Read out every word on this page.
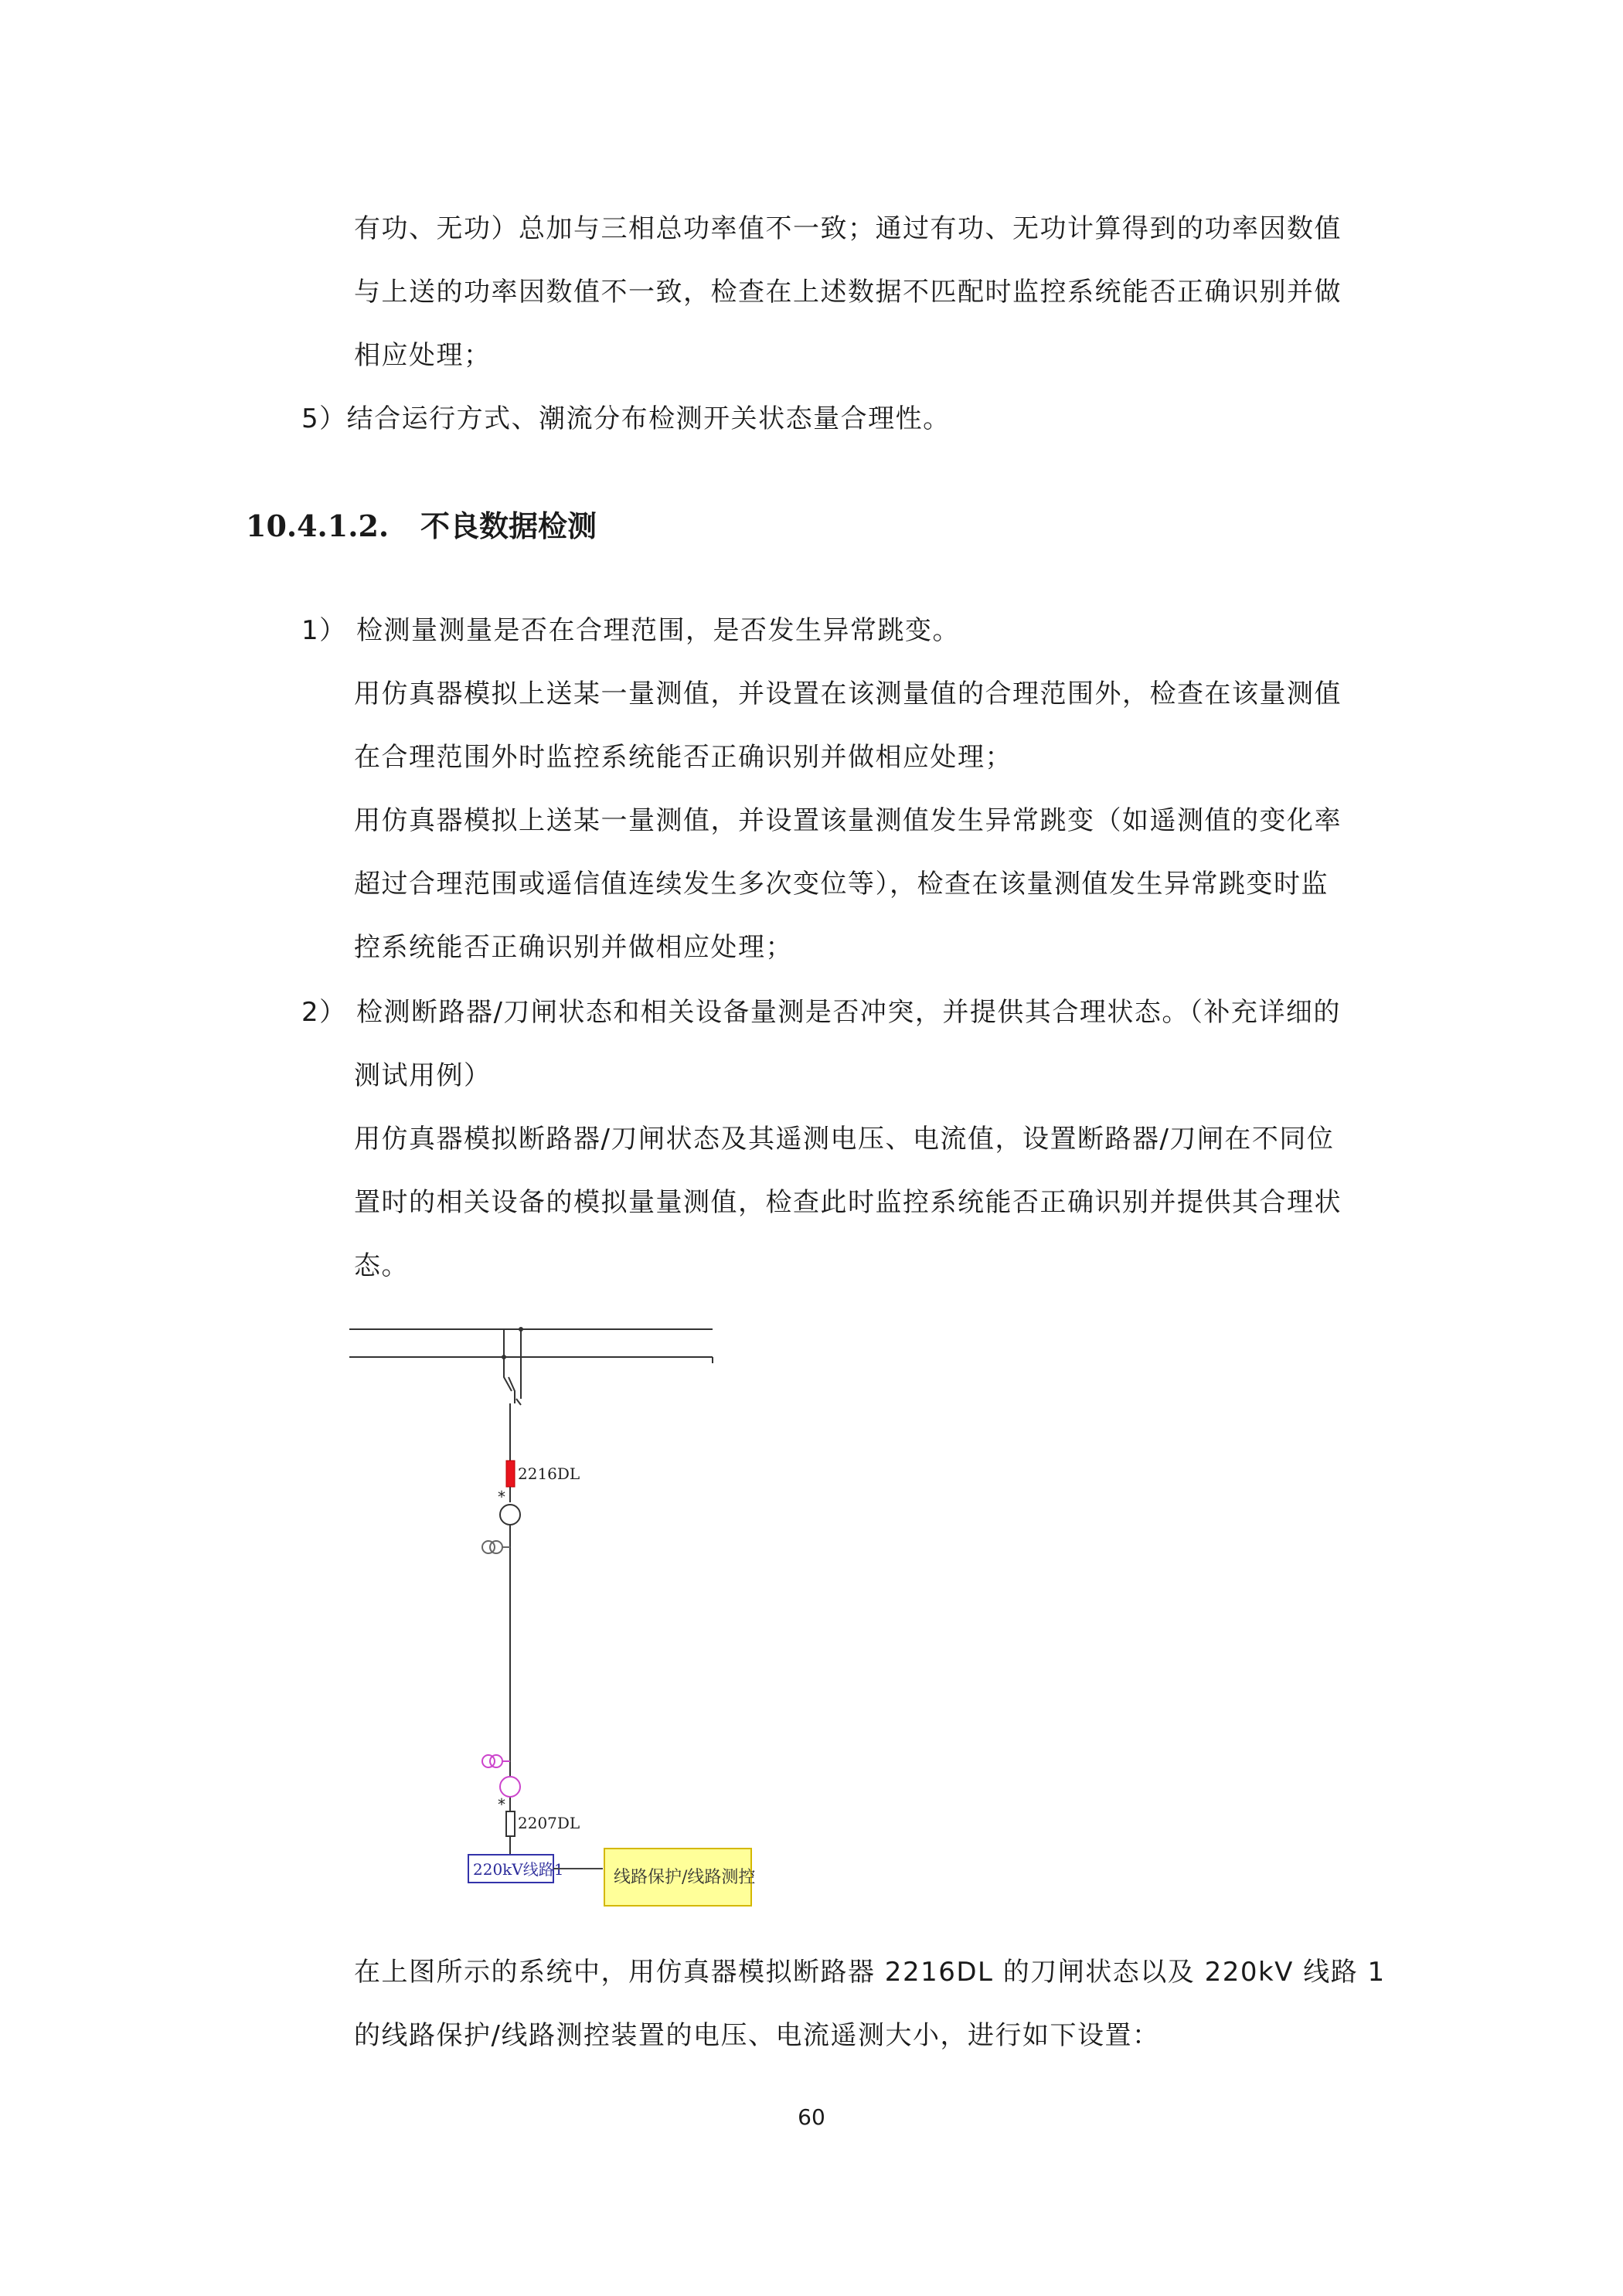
有功、无功）总加与三相总功率值不一致；通过有功、无功计算得到的功率因数值
与上送的功率因数值不一致，检查在上述数据不匹配时监控系统能否正确识别并做
相应处理；
5）结合运行方式、潮流分布检测开关状态量合理性。
10.4.1.2. 不良数据检测
1） 检测量测量是否在合理范围，是否发生异常跳变。
用仿真器模拟上送某一量测值，并设置在该测量值的合理范围外，检查在该量测值
在合理范围外时监控系统能否正确识别并做相应处理；
用仿真器模拟上送某一量测值，并设置该量测值发生异常跳变（如遥测值的变化率
超过合理范围或遥信值连续发生多次变位等），检查在该量测值发生异常跳变时监
控系统能否正确识别并做相应处理；
2） 检测断路器/刀闸状态和相关设备量测是否冲突，并提供其合理状态。（补充详细的
测试用例）
用仿真器模拟断路器/刀闸状态及其遥测电压、电流值，设置断路器/刀闸在不同位
置时的相关设备的模拟量量测值，检查此时监控系统能否正确识别并提供其合理状
态。
2216DL
*
*
2207DL
220kV线路1	线路保护/线路测控
在上图所示的系统中，用仿真器模拟断路器 2216DL 的刀闸状态以及 220kV 线路 1
的线路保护/线路测控装置的电压、电流遥测大小，进行如下设置：
60
